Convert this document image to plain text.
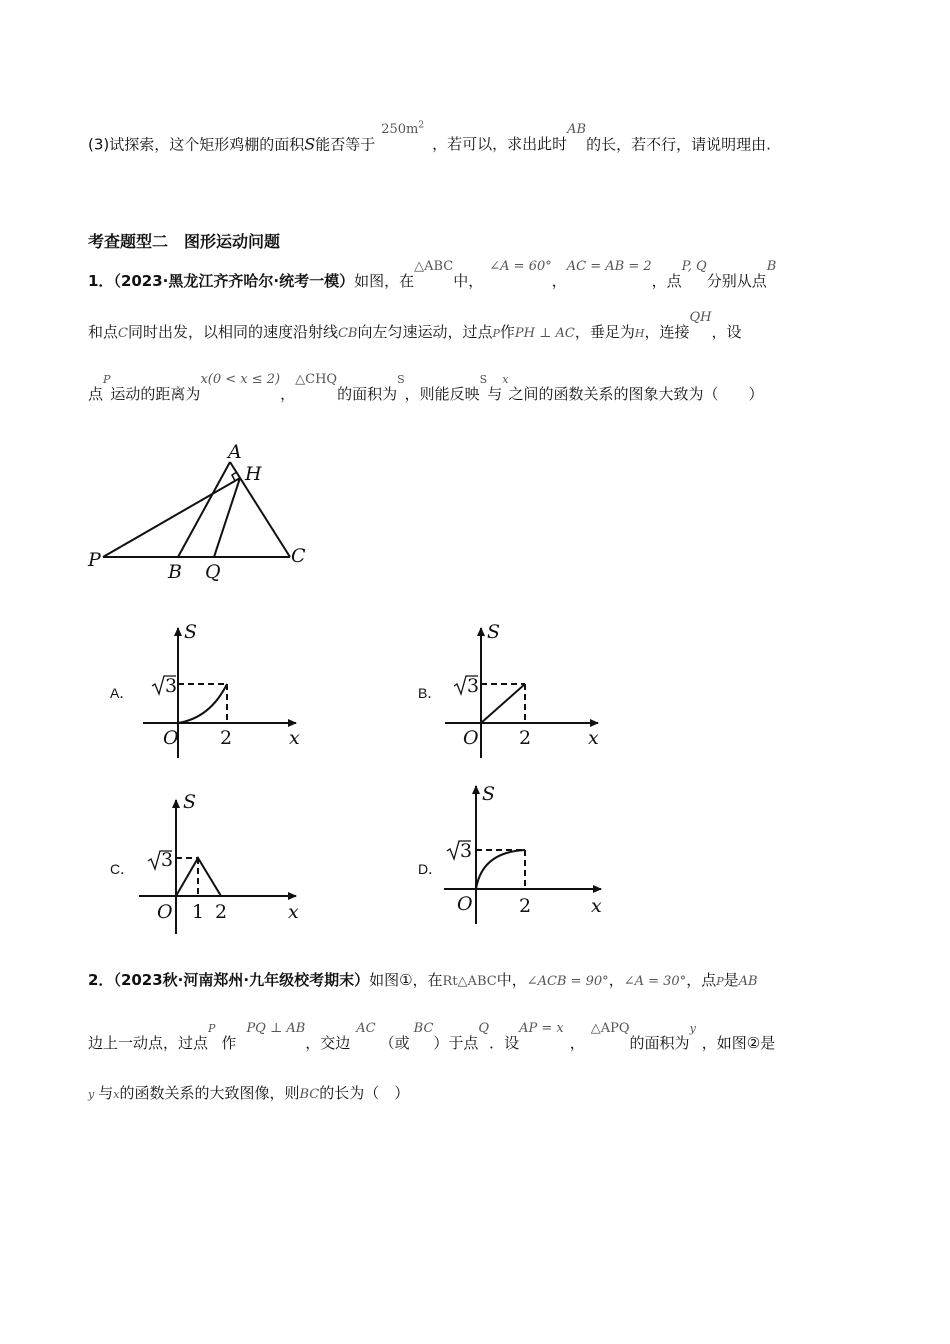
(3)试探索，这个矩形鸡棚的面积S能否等于$250m^2$，若可以，求出此时AB的长，若不行，请说明理由.
考查题型二　图形运动问题
1．（2023·黑龙江齐齐哈尔·统考一模）如图，在△ABC中，∠A = 60°，AC = AB = 2，点P, Q分别从点B
和点C同时出发，以相同的速度沿射线CB向左匀速运动，过点P作PH ⊥ AC，垂足为H，连接QH，设
点$^P$运动的距离为x(0 < x ≤ 2)，△CHQ的面积为$^S$，则能反映$^S$与$^x$之间的函数关系的图象大致为（　　）
A
H
P
B Q
C
A．	B．
C．	D．
S
O 2	x
3
S
O 2	x
3
S
O 1 2	x
3
S
O 2	x
3
2．（2023秋·河南郑州·九年级校考期末）如图①，在Rt△ABC中，∠ACB = 90°，∠A = 30°，点P是AB
边上一动点，过点$^P$作PQ ⊥ AB，交边AC（或BC）于点Q．设AP = x，△APQ的面积为$^y$，如图②是
y 与x的函数关系的大致图像，则BC的长为（　）
